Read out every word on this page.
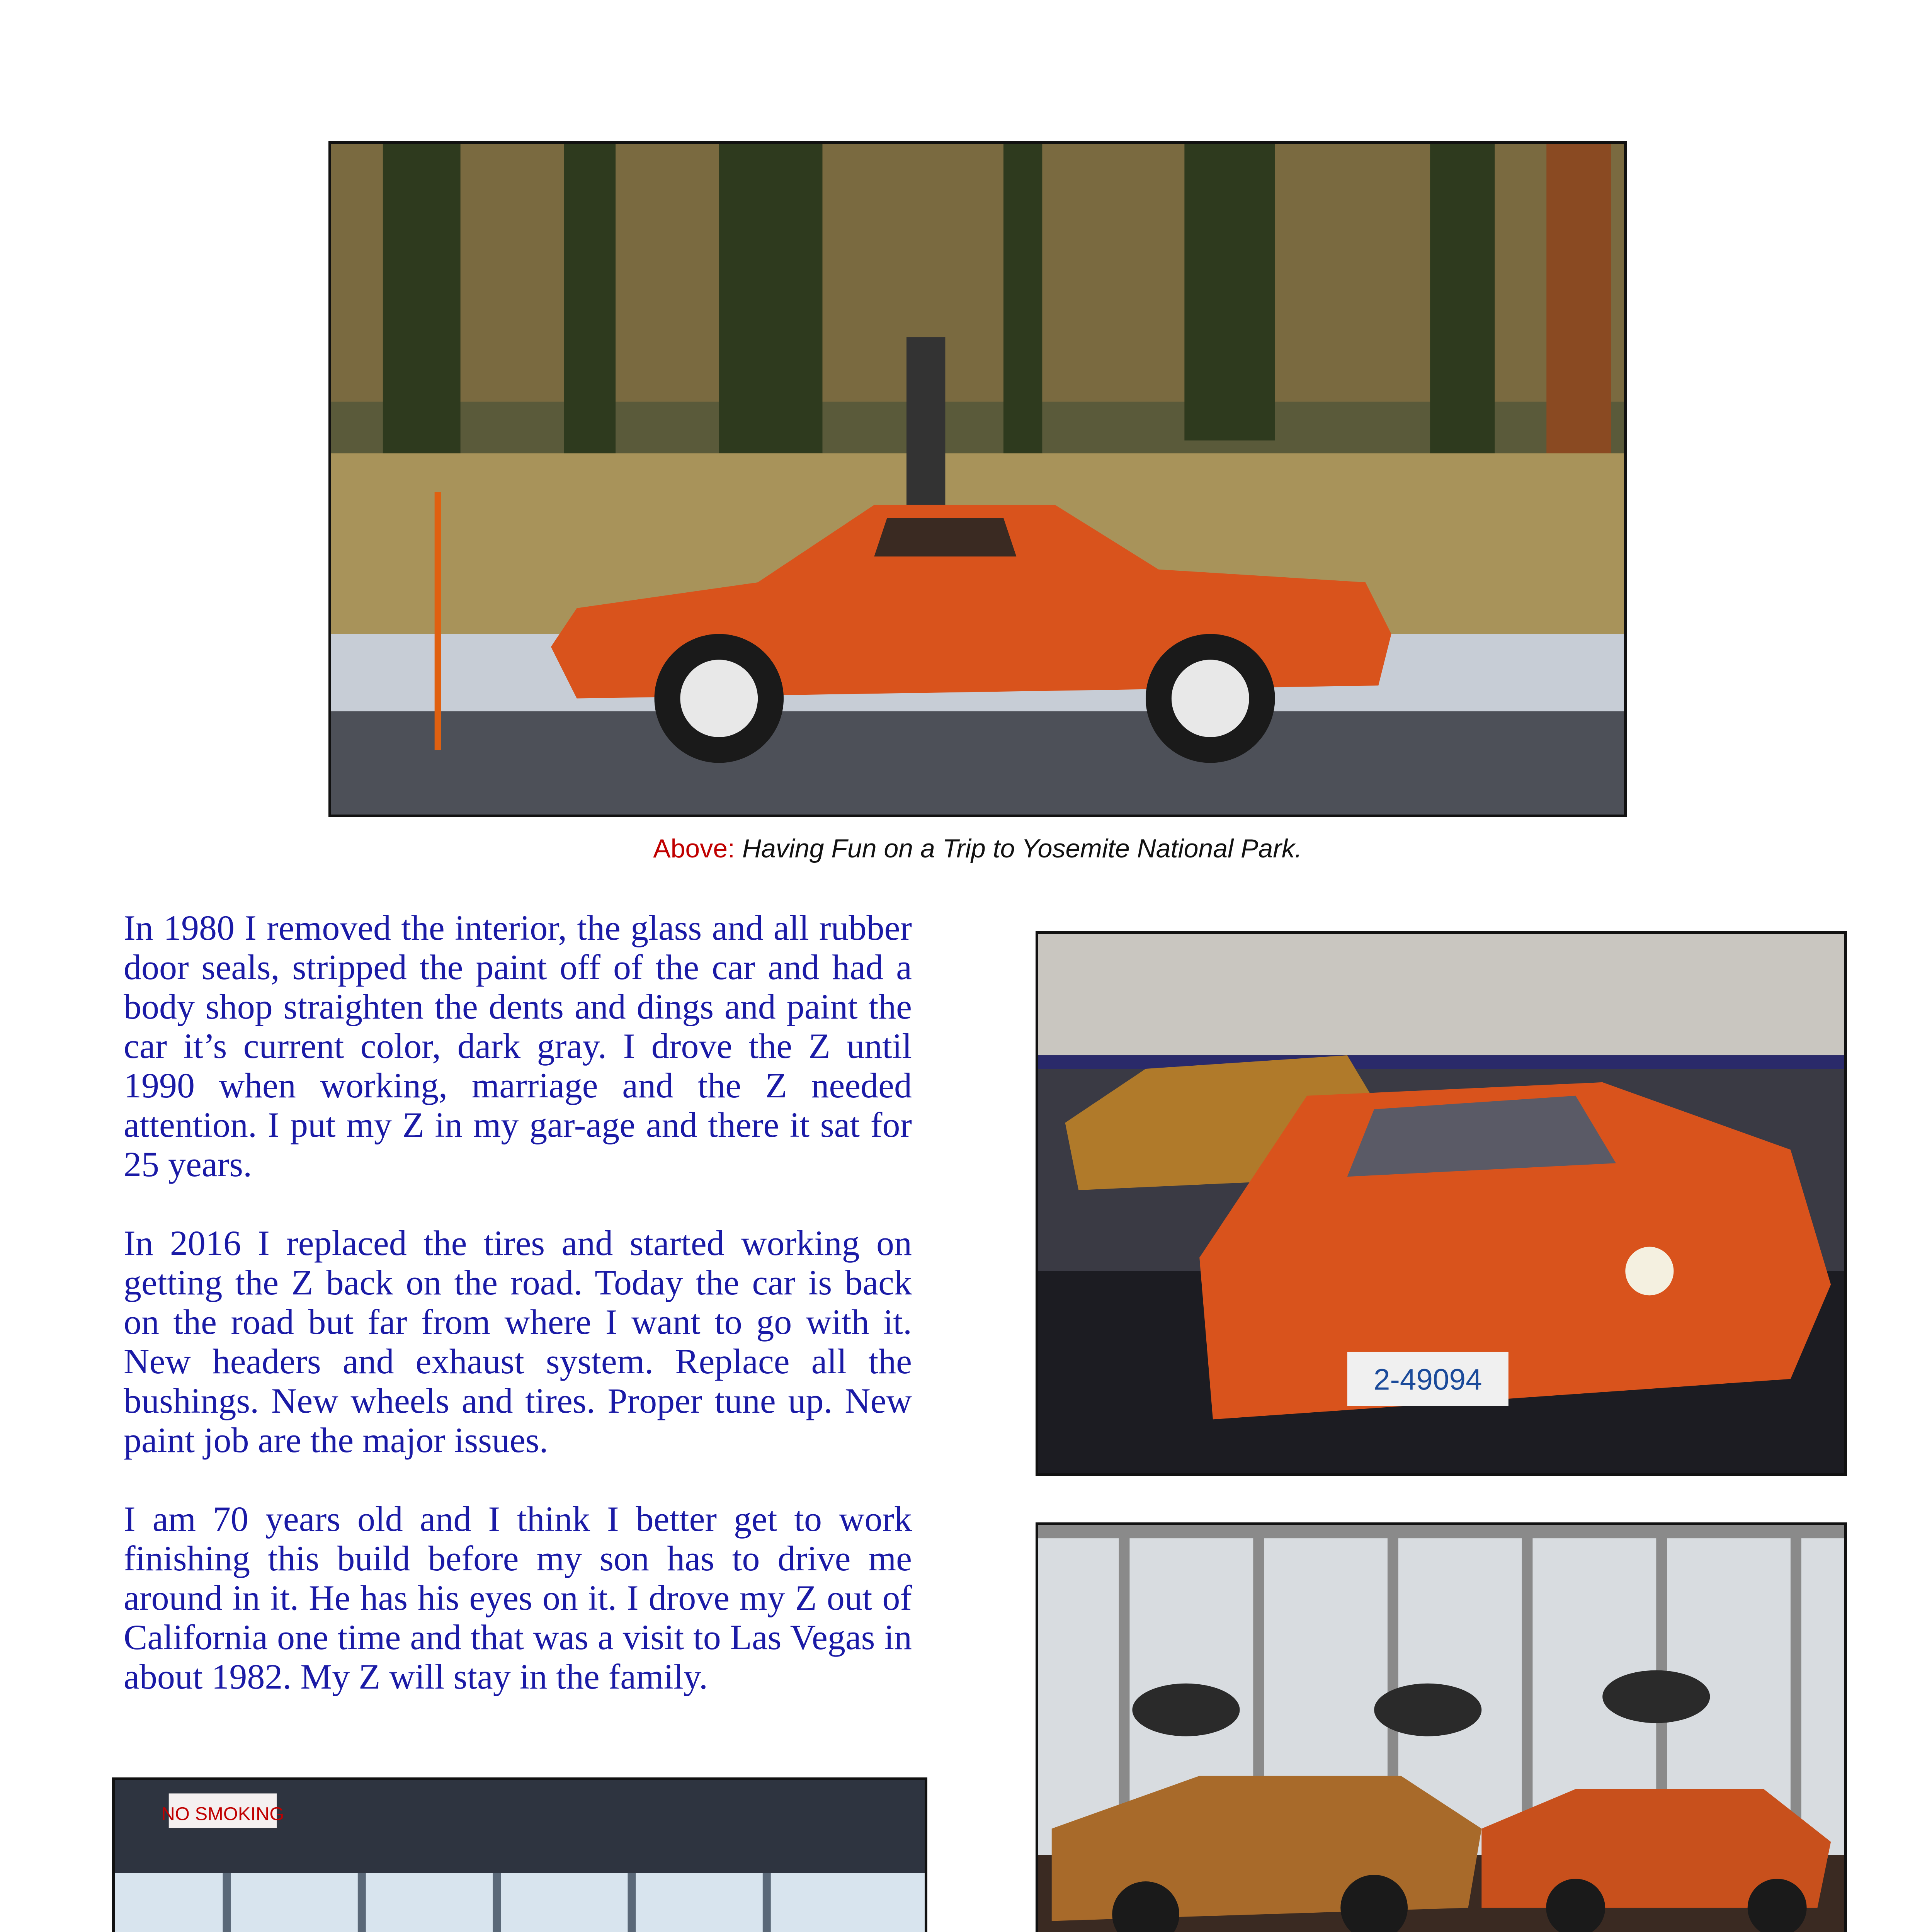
Above: Having Fun on a Trip to Yosemite National Park.

In 1980 I removed the interior, the glass and all rubber door seals, stripped the paint off of the car and had a body shop straighten the dents and dings and paint the car it’s current color, dark gray. I drove the Z until 1990 when working, marriage and the Z needed attention. I put my Z in my gar-age and there it sat for 25 years.

In 2016 I replaced the tires and started working on getting the Z back on the road. Today the car is back on the road but far from where I want to go with it. New headers and exhaust system. Replace all the bushings. New wheels and tires. Proper tune up. New paint job are the major issues.

I am 70 years old and I think I better get to work finishing this build before my son has to drive me around in it. He has his eyes on it. I drove my Z out of California one time and that was a visit to Las Vegas in about 1982. My Z will stay in the family.

2-49094
NO SMOKING
